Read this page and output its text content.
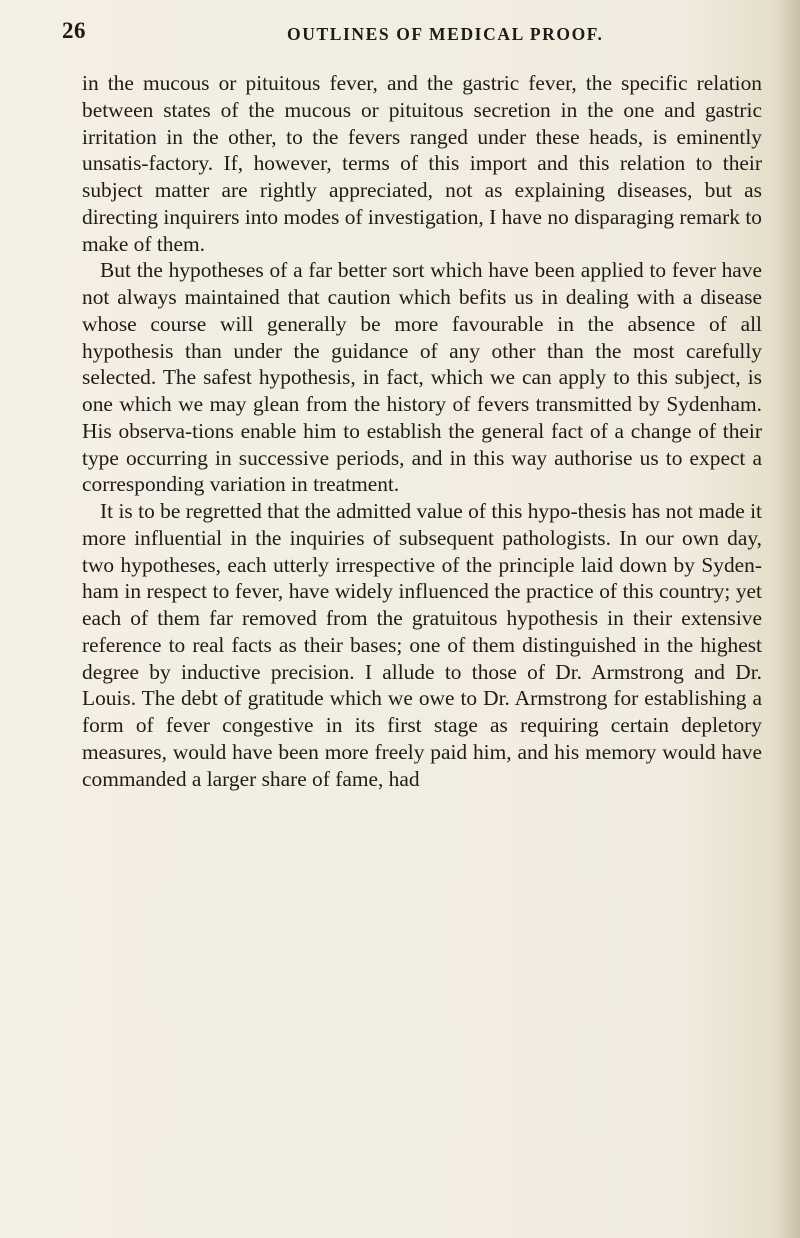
26	OUTLINES OF MEDICAL PROOF.

in the mucous or pituitous fever, and the gastric fever, the specific relation between states of the mucous or pituitous secretion in the one and gastric irritation in the other, to the fevers ranged under these heads, is eminently unsatis-factory. If, however, terms of this import and this relation to their subject matter are rightly appreciated, not as explaining diseases, but as directing inquirers into modes of investigation, I have no disparaging remark to make of them.

But the hypotheses of a far better sort which have been applied to fever have not always maintained that caution which befits us in dealing with a disease whose course will generally be more favourable in the absence of all hypothesis than under the guidance of any other than the most carefully selected. The safest hypothesis, in fact, which we can apply to this subject, is one which we may glean from the history of fevers transmitted by Sydenham. His observa-tions enable him to establish the general fact of a change of their type occurring in successive periods, and in this way authorise us to expect a corresponding variation in treatment.

It is to be regretted that the admitted value of this hypo-thesis has not made it more influential in the inquiries of subsequent pathologists. In our own day, two hypotheses, each utterly irrespective of the principle laid down by Syden-ham in respect to fever, have widely influenced the practice of this country; yet each of them far removed from the gratuitous hypothesis in their extensive reference to real facts as their bases; one of them distinguished in the highest degree by inductive precision. I allude to those of Dr. Armstrong and Dr. Louis. The debt of gratitude which we owe to Dr. Armstrong for establishing a form of fever congestive in its first stage as requiring certain depletory measures, would have been more freely paid him, and his memory would have commanded a larger share of fame, had
